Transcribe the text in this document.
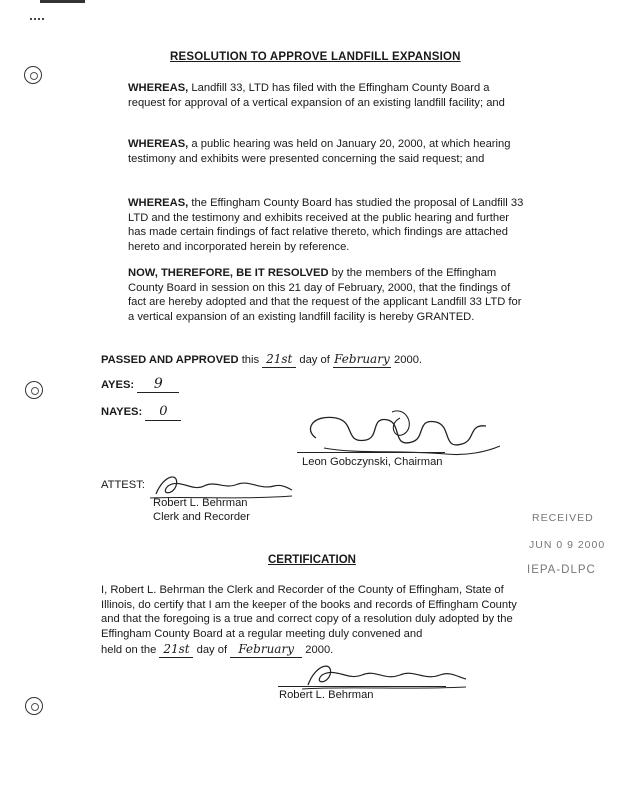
RESOLUTION TO APPROVE LANDFILL EXPANSION
WHEREAS, Landfill 33, LTD has filed with the Effingham County Board a request for approval of a vertical expansion of an existing landfill facility; and
WHEREAS, a public hearing was held on January 20, 2000, at which hearing testimony and exhibits were presented concerning the said request; and
WHEREAS, the Effingham County Board has studied the proposal of Landfill 33 LTD and the testimony and exhibits received at the public hearing and further has made certain findings of fact relative thereto, which findings are attached hereto and incorporated herein by reference.
NOW, THEREFORE, BE IT RESOLVED by the members of the Effingham County Board in session on this 21 day of February, 2000, that the findings of fact are hereby adopted and that the request of the applicant Landfill 33 LTD for a vertical expansion of an existing landfill facility is hereby GRANTED.
PASSED AND APPROVED this 21st day of February 2000.
AYES: 9
NAYES: 0
Leon Gobczynski, Chairman
ATTEST:
Robert L. Behrman
Clerk and Recorder	RECEIVED
JUN 0 9 2000
IEPA-DLPC
CERTIFICATION
I, Robert L. Behrman the Clerk and Recorder of the County of Effingham, State of Illinois, do certify that I am the keeper of the books and records of Effingham County and that the foregoing is a true and correct copy of a resolution duly adopted by the Effingham County Board at a regular meeting duly convened and
held on the 21st day of February 2000.
Robert L. Behrman
